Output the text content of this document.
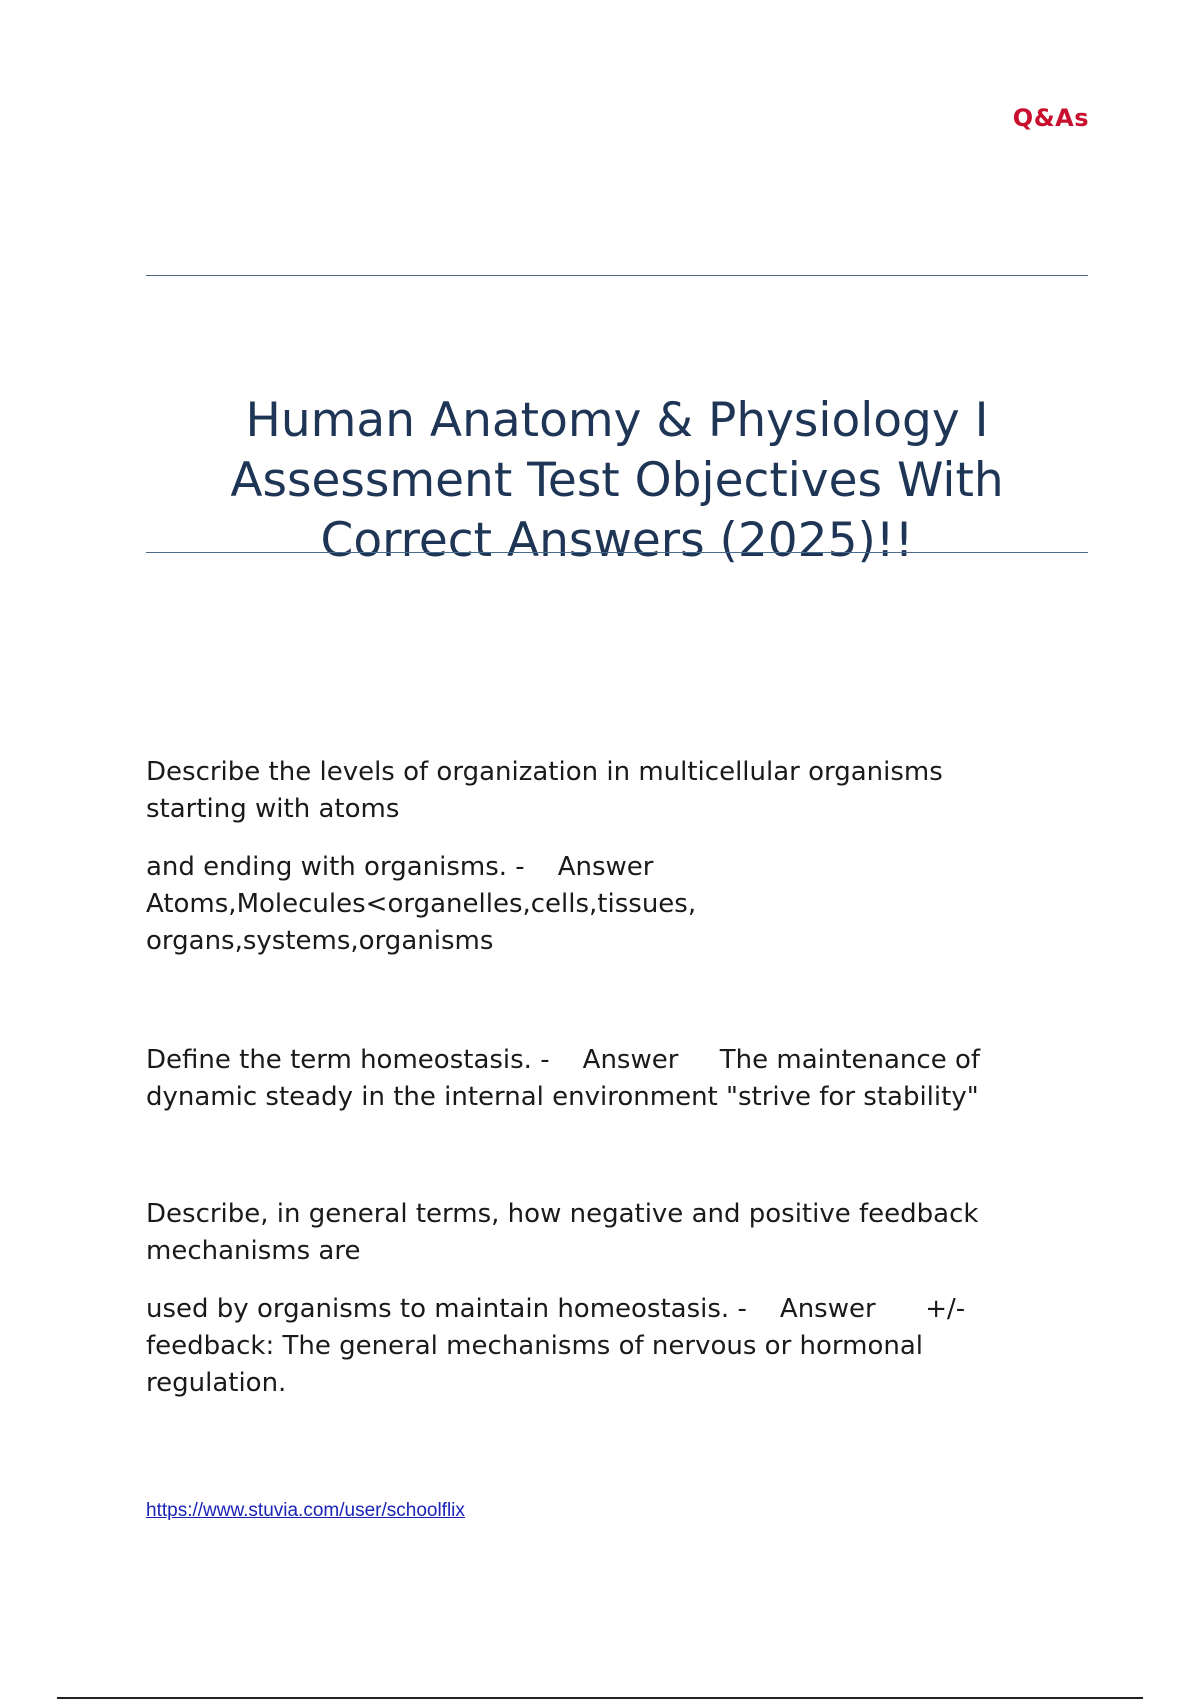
Q&As
Human Anatomy & Physiology I
Assessment Test Objectives With
Correct Answers (2025)!!

Describe the levels of organization in multicellular organisms
starting with atoms

and ending with organisms. -    Answer
Atoms,Molecules<organelles,cells,tissues,
organs,systems,organisms

Define the term homeostasis. -    Answer     The maintenance of
dynamic steady in the internal environment "strive for stability"

Describe, in general terms, how negative and positive feedback
mechanisms are

used by organisms to maintain homeostasis. -    Answer      +/-
feedback: The general mechanisms of nervous or hormonal
regulation.

https://www.stuvia.com/user/schoolflix
